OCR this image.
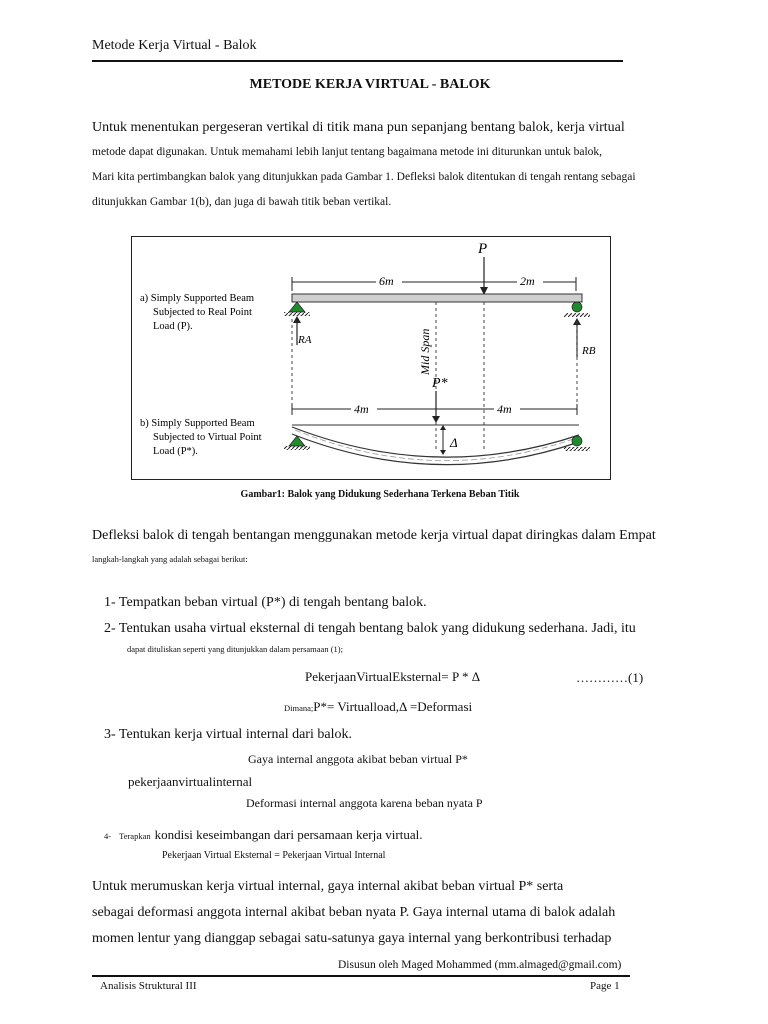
Metode Kerja Virtual - Balok
METODE KERJA VIRTUAL - BALOK
Untuk menentukan pergeseran vertikal di titik mana pun sepanjang bentang balok, kerja virtual
metode dapat digunakan. Untuk memahami lebih lanjut tentang bagaimana metode ini diturunkan untuk balok,
Mari kita pertimbangkan balok yang ditunjukkan pada Gambar 1. Defleksi balok ditentukan di tengah rentang sebagai
ditunjukkan Gambar 1(b), dan juga di bawah titik beban vertikal.
a) Simply Supported Beam
Subjected to Real Point
Load (P).
b) Simply Supported Beam
Subjected to Virtual Point
Load (P*).
6m	2m
P
RA
RB
Mid Span
P*
4m	4m
Δ
Gambar1: Balok yang Didukung Sederhana Terkena Beban Titik
Defleksi balok di tengah bentangan menggunakan metode kerja virtual dapat diringkas dalam Empat
langkah-langkah yang adalah sebagai berikut:
1- Tempatkan beban virtual (P*) di tengah bentang balok.
2- Tentukan usaha virtual eksternal di tengah bentang balok yang didukung sederhana. Jadi, itu
dapat dituliskan seperti yang ditunjukkan dalam persamaan (1);
PekerjaanVirtualEksternal= P * Δ	…………(1)
Dimana;P*= Virtualload,Δ =Deformasi
3- Tentukan kerja virtual internal dari balok.
Gaya internal anggota akibat beban virtual P*
pekerjaanvirtualinternal
Deformasi internal anggota karena beban nyata P
4- Terapkan kondisi keseimbangan dari persamaan kerja virtual.
Pekerjaan Virtual Eksternal = Pekerjaan Virtual Internal
Untuk merumuskan kerja virtual internal, gaya internal akibat beban virtual P* serta
sebagai deformasi anggota internal akibat beban nyata P. Gaya internal utama di balok adalah
momen lentur yang dianggap sebagai satu-satunya gaya internal yang berkontribusi terhadap
Disusun oleh Maged Mohammed (mm.almaged@gmail.com)
Analisis Struktural III	Page 1
